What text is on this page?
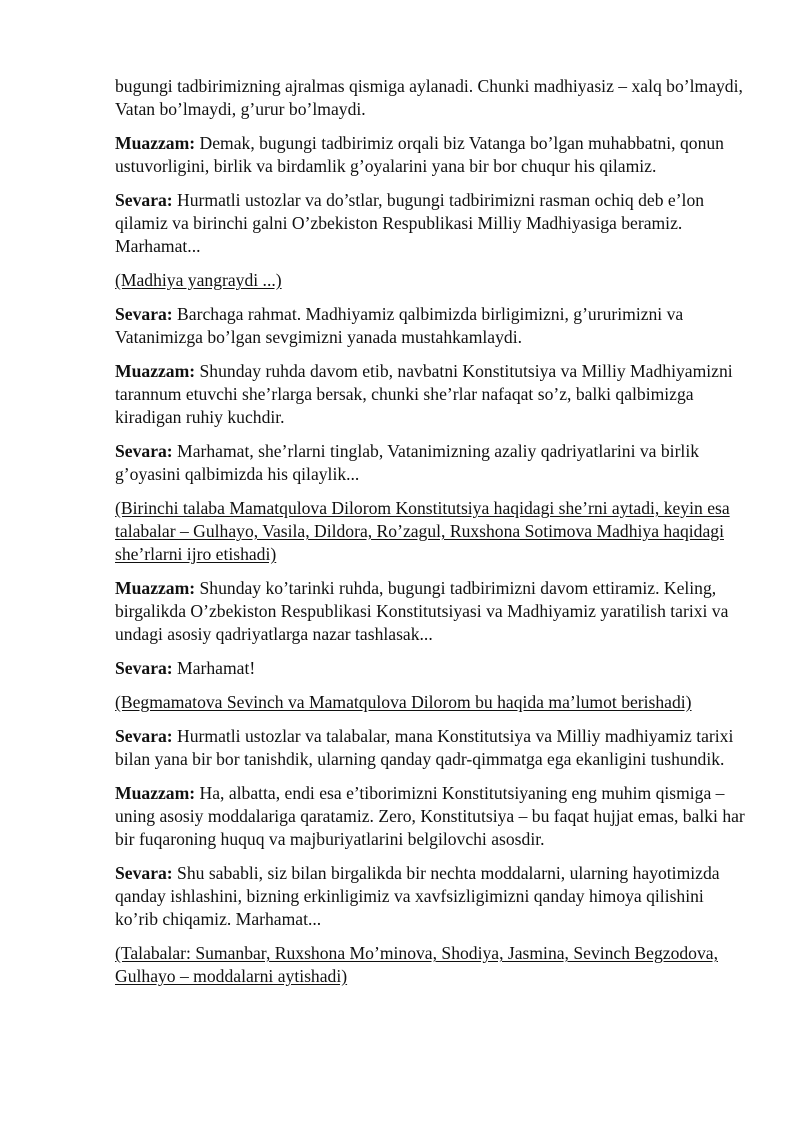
bugungi tadbirimizning ajralmas qismiga aylanadi. Chunki madhiyasiz – xalq bo’lmaydi, Vatan bo’lmaydi, g’urur bo’lmaydi.

Muazzam: Demak, bugungi tadbirimiz orqali biz Vatanga bo’lgan muhabbatni, qonun ustuvorligini, birlik va birdamlik g’oyalarini yana bir bor chuqur his qilamiz.

Sevara: Hurmatli ustozlar va do’stlar, bugungi tadbirimizni rasman ochiq deb e’lon qilamiz va birinchi galni O’zbekiston Respublikasi Milliy Madhiyasiga beramiz. Marhamat...

(Madhiya yangraydi ...)

Sevara: Barchaga rahmat. Madhiyamiz qalbimizda birligimizni, g’ururimizni va Vatanimizga bo’lgan sevgimizni yanada mustahkamlaydi.

Muazzam: Shunday ruhda davom etib, navbatni Konstitutsiya va Milliy Madhiyamizni tarannum etuvchi she’rlarga bersak, chunki she’rlar nafaqat so’z, balki qalbimizga kiradigan ruhiy kuchdir.

Sevara: Marhamat, she’rlarni tinglab, Vatanimizning azaliy qadriyatlarini va birlik g’oyasini qalbimizda his qilaylik...

(Birinchi talaba Mamatqulova Dilorom Konstitutsiya haqidagi she’rni aytadi, keyin esa talabalar – Gulhayo, Vasila, Dildora, Ro’zagul, Ruxshona Sotimova Madhiya haqidagi she’rlarni ijro etishadi)

Muazzam: Shunday ko’tarinki ruhda, bugungi tadbirimizni davom ettiramiz. Keling, birgalikda O’zbekiston Respublikasi Konstitutsiyasi va Madhiyamiz yaratilish tarixi va undagi asosiy qadriyatlarga nazar tashlasak...

Sevara: Marhamat!

(Begmamatova Sevinch va Mamatqulova Dilorom bu haqida ma’lumot berishadi)

Sevara: Hurmatli ustozlar va talabalar, mana Konstitutsiya va Milliy madhiyamiz tarixi bilan yana bir bor tanishdik, ularning qanday qadr-qimmatga ega ekanligini tushundik.

Muazzam: Ha, albatta, endi esa e’tiborimizni Konstitutsiyaning eng muhim qismiga – uning asosiy moddalariga qaratamiz. Zero, Konstitutsiya – bu faqat hujjat emas, balki har bir fuqaroning huquq va majburiyatlarini belgilovchi asosdir.

Sevara: Shu sababli, siz bilan birgalikda bir nechta moddalarni, ularning hayotimizda qanday ishlashini, bizning erkinligimiz va xavfsizligimizni qanday himoya qilishini ko’rib chiqamiz. Marhamat...

(Talabalar: Sumanbar, Ruxshona Mo’minova, Shodiya, Jasmina, Sevinch Begzodova, Gulhayo – moddalarni aytishadi)
